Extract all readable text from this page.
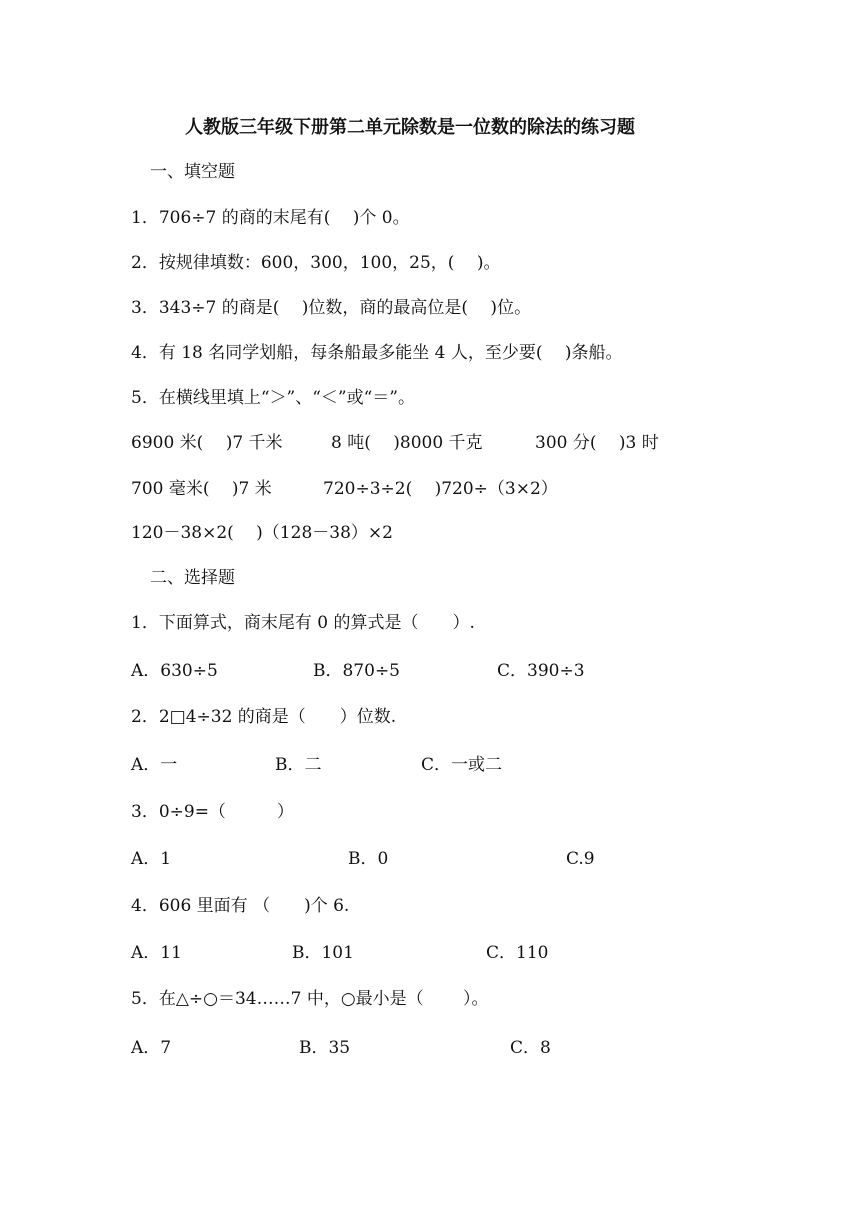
人教版三年级下册第二单元除数是一位数的除法的练习题
一、填空题
1．706÷7 的商的末尾有(　 )个 0。
2．按规律填数：600，300，100，25，(　 )。
3．343÷7 的商是(　 )位数，商的最高位是(　 )位。
4．有 18 名同学划船，每条船最多能坐 4 人，至少要(　 )条船。
5．在横线里填上“＞”、“＜”或“＝”。
6900 米(　 )7 千米	8 吨(　 )8000 千克	300 分(　 )3 时
700 毫米(　 )7 米	720÷3÷2(　 )720÷（3×2）
120－38×2(　 )（128－38）×2
二、选择题
1．下面算式，商末尾有 0 的算式是（　　）.
A．630÷5	B．870÷5	C．390÷3
2．2□4÷32 的商是（　　）位数.
A．一	B．二	C．一或二
3．0÷9=（　　　）
A．1	B．0	C.9
4．606 里面有 （　　)个 6.
A．11	B．101	C．110
5．在△÷○＝34……7 中，○最小是（　　 ）。
A．7	B．35	C．8
